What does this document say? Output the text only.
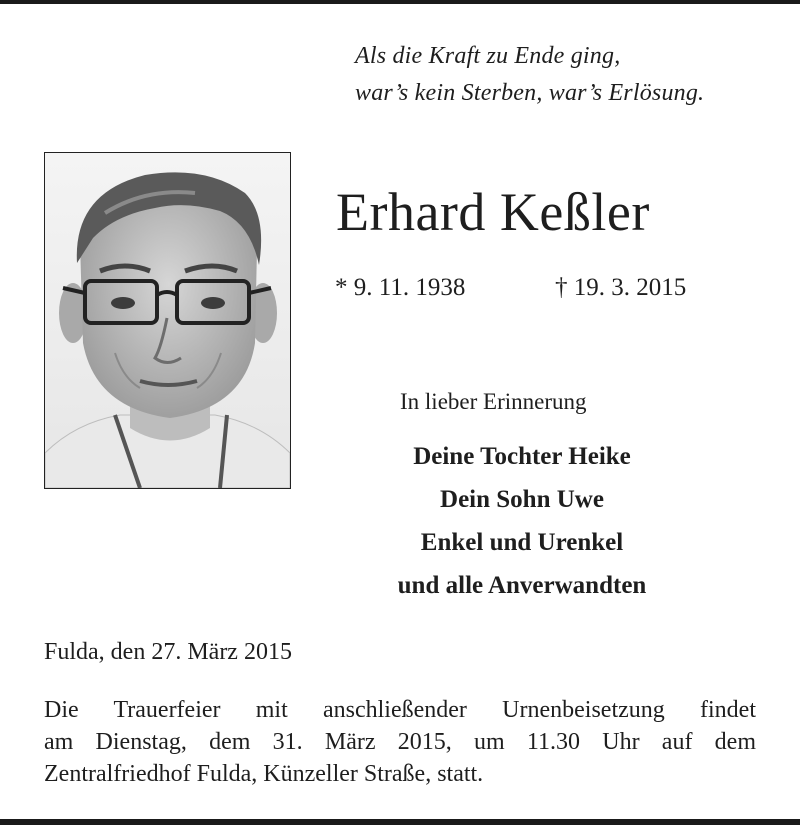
Als die Kraft zu Ende ging,
war’s kein Sterben, war’s Erlösung.
Erhard Keßler
* 9. 11. 1938	† 19. 3. 2015
In lieber Erinnerung
Deine Tochter Heike
Dein Sohn Uwe
Enkel und Urenkel
und alle Anverwandten
Fulda, den 27. März 2015
Die Trauerfeier mit anschließender Urnenbeisetzung findet
am Dienstag, dem 31. März 2015, um 11.30 Uhr auf dem
Zentralfriedhof Fulda, Künzeller Straße, statt.
